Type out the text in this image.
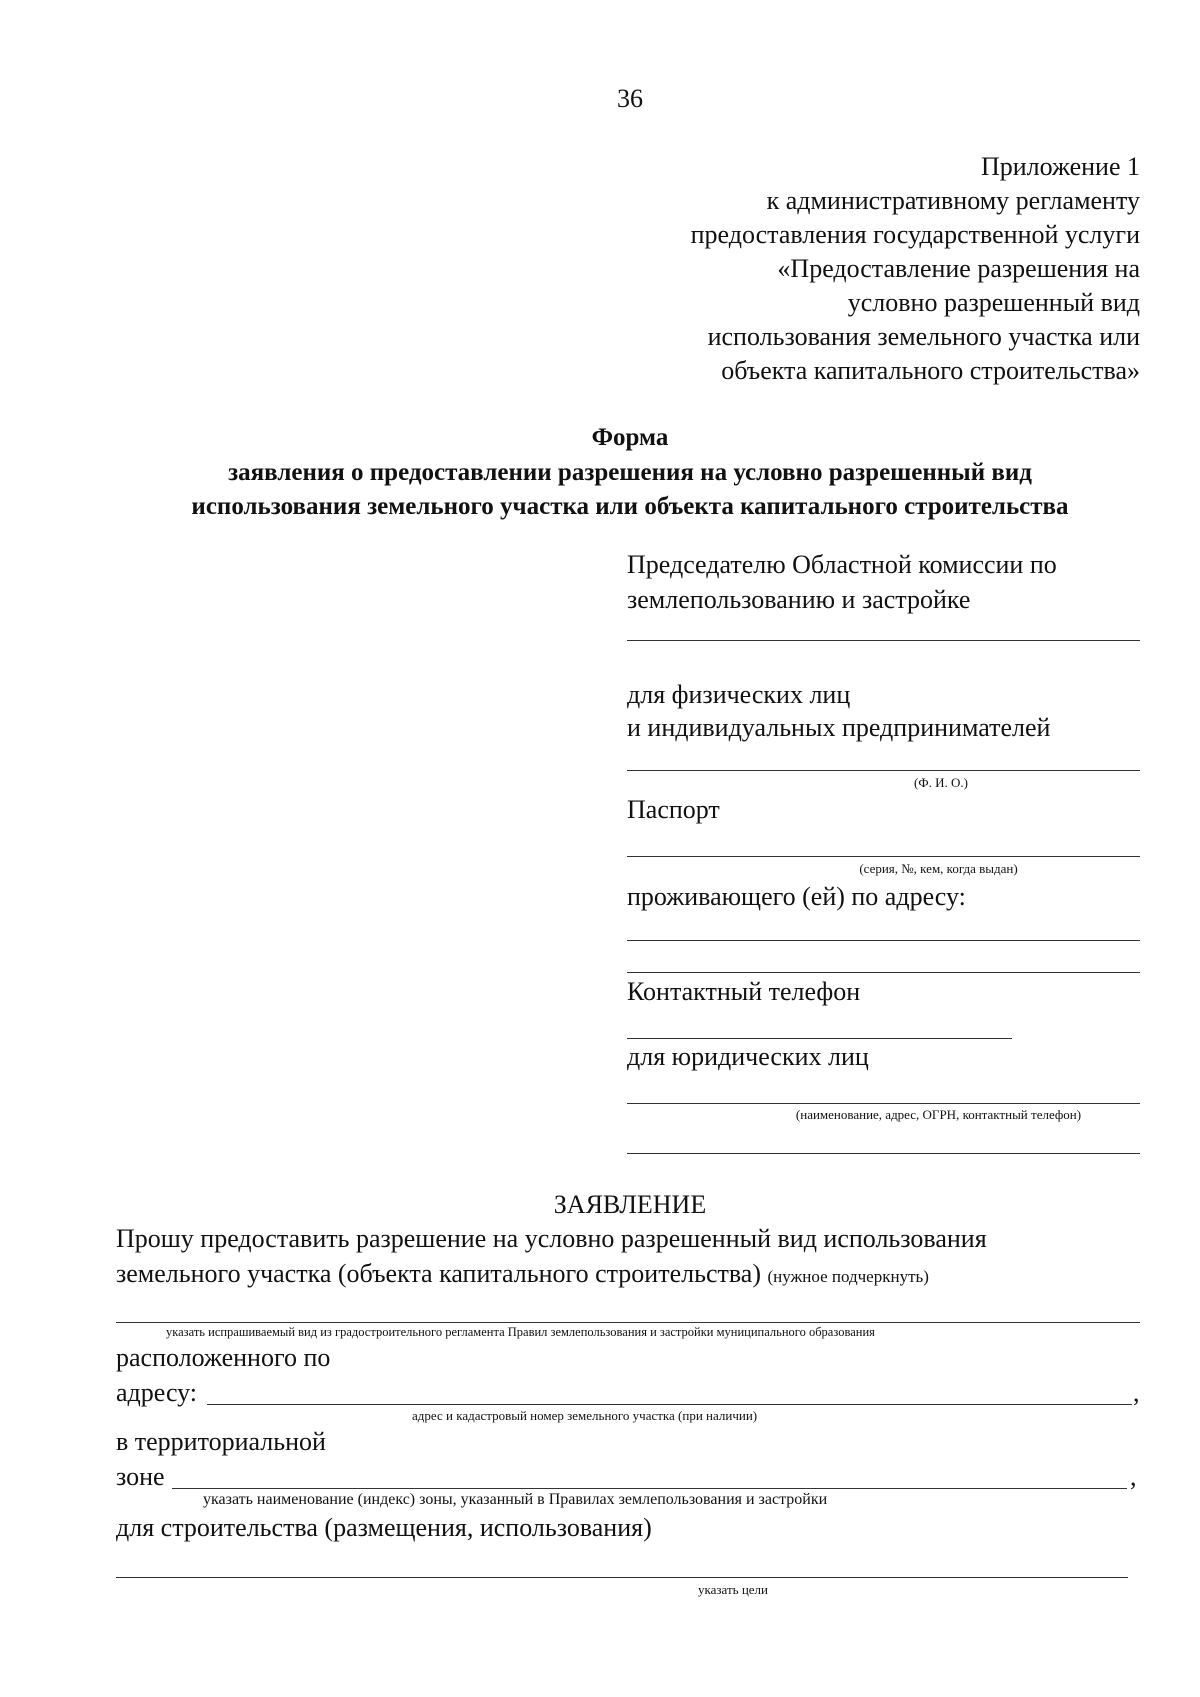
36
Приложение 1
к административному регламенту
предоставления государственной услуги
«Предоставление разрешения на
условно разрешенный вид
использования земельного участка или
объекта капитального строительства»
Форма
заявления о предоставлении разрешения на условно разрешенный вид
использования земельного участка или объекта капитального строительства
Председателю Областной комиссии по
землепользованию и застройке
для физических лиц
и индивидуальных предпринимателей
(Ф. И. О.)
Паспорт
(серия, №, кем, когда выдан)
проживающего (ей) по адресу:
Контактный телефон
для юридических лиц
(наименование, адрес, ОГРН, контактный телефон)
ЗАЯВЛЕНИЕ
Прошу предоставить разрешение на условно разрешенный вид использования
земельного участка (объекта капитального строительства) (нужное подчеркнуть)
указать испрашиваемый вид из градостроительного регламента Правил землепользования и застройки муниципального образования
расположенного по
адресу:	,
адрес и кадастровый номер земельного участка (при наличии)
в территориальной
зоне	,
указать наименование (индекс) зоны, указанный в Правилах землепользования и застройки
для строительства (размещения, использования)
указать цели
